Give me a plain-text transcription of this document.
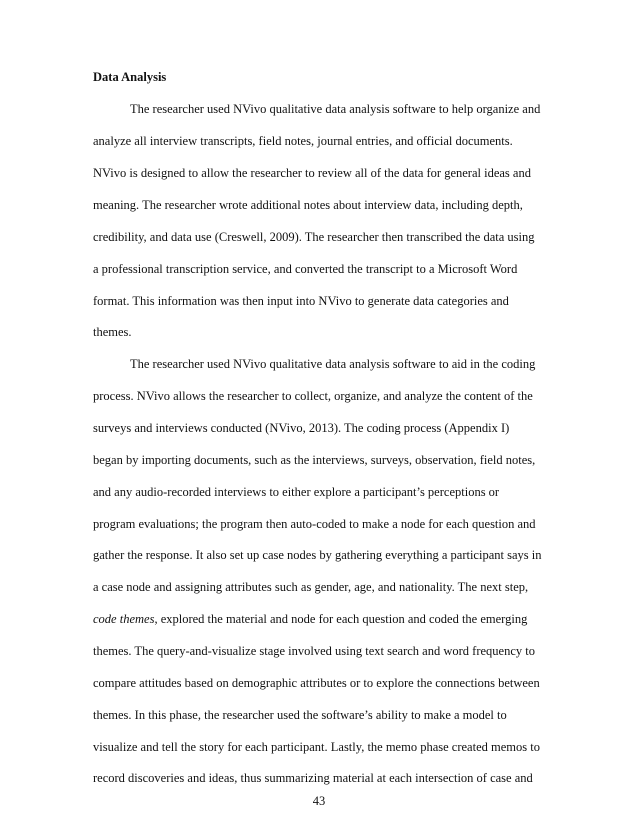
Data Analysis
The researcher used NVivo qualitative data analysis software to help organize and
analyze all interview transcripts, field notes, journal entries, and official documents.
NVivo is designed to allow the researcher to review all of the data for general ideas and
meaning. The researcher wrote additional notes about interview data, including depth,
credibility, and data use (Creswell, 2009). The researcher then transcribed the data using
a professional transcription service, and converted the transcript to a Microsoft Word
format. This information was then input into NVivo to generate data categories and
themes.
The researcher used NVivo qualitative data analysis software to aid in the coding
process. NVivo allows the researcher to collect, organize, and analyze the content of the
surveys and interviews conducted (NVivo, 2013). The coding process (Appendix I)
began by importing documents, such as the interviews, surveys, observation, field notes,
and any audio-recorded interviews to either explore a participant’s perceptions or
program evaluations; the program then auto-coded to make a node for each question and
gather the response. It also set up case nodes by gathering everything a participant says in
a case node and assigning attributes such as gender, age, and nationality. The next step,
code themes, explored the material and node for each question and coded the emerging
themes. The query-and-visualize stage involved using text search and word frequency to
compare attitudes based on demographic attributes or to explore the connections between
themes. In this phase, the researcher used the software’s ability to make a model to
visualize and tell the story for each participant. Lastly, the memo phase created memos to
record discoveries and ideas, thus summarizing material at each intersection of case and
43
